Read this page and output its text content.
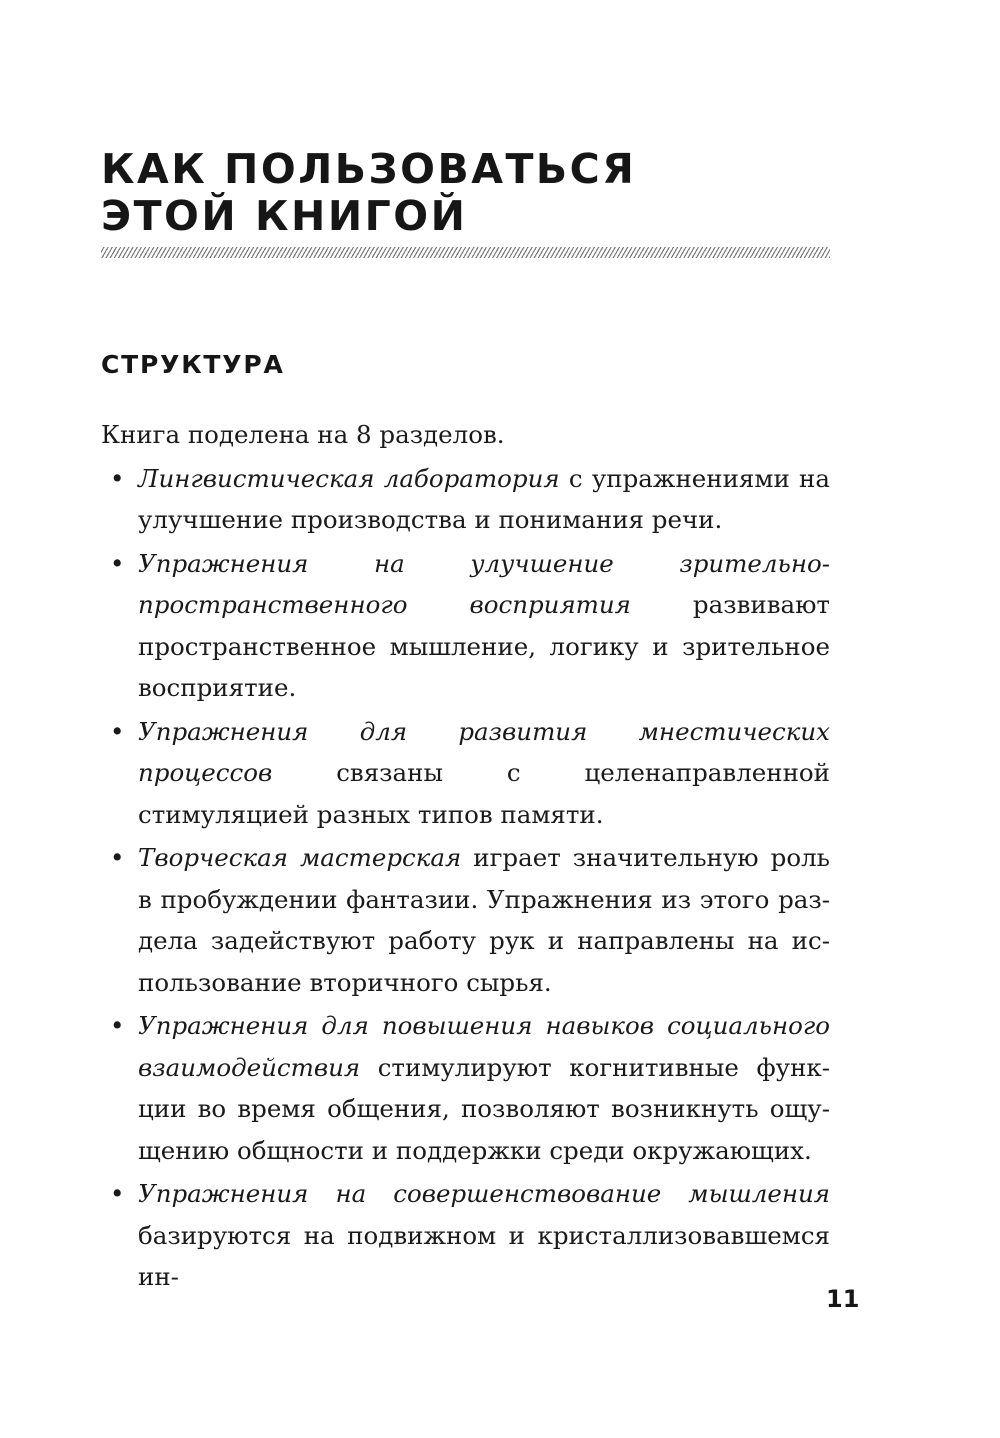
КАК ПОЛЬЗОВАТЬСЯ
ЭТОЙ КНИГОЙ
СТРУКТУРА

Книга поделена на 8 разделов.

• Лингвистическая лаборатория с упражнениями на улучшение производства и понимания речи.
• Упражнения на улучшение зрительно-пространственного восприятия развивают пространственное мышление, логику и зрительное восприятие.
• Упражнения для развития мнестических процессов связаны с целенаправленной стимуляцией разных типов памяти.
• Творческая мастерская играет значительную роль в пробуждении фантазии. Упражнения из этого раздела задействуют работу рук и направлены на использование вторичного сырья.
• Упражнения для повышения навыков социального взаимодействия стимулируют когнитивные функции во время общения, позволяют возникнуть ощущению общности и поддержки среди окружающих.
• Упражнения на совершенствование мышления базируются на подвижном и кристаллизовавшемся ин-
11
